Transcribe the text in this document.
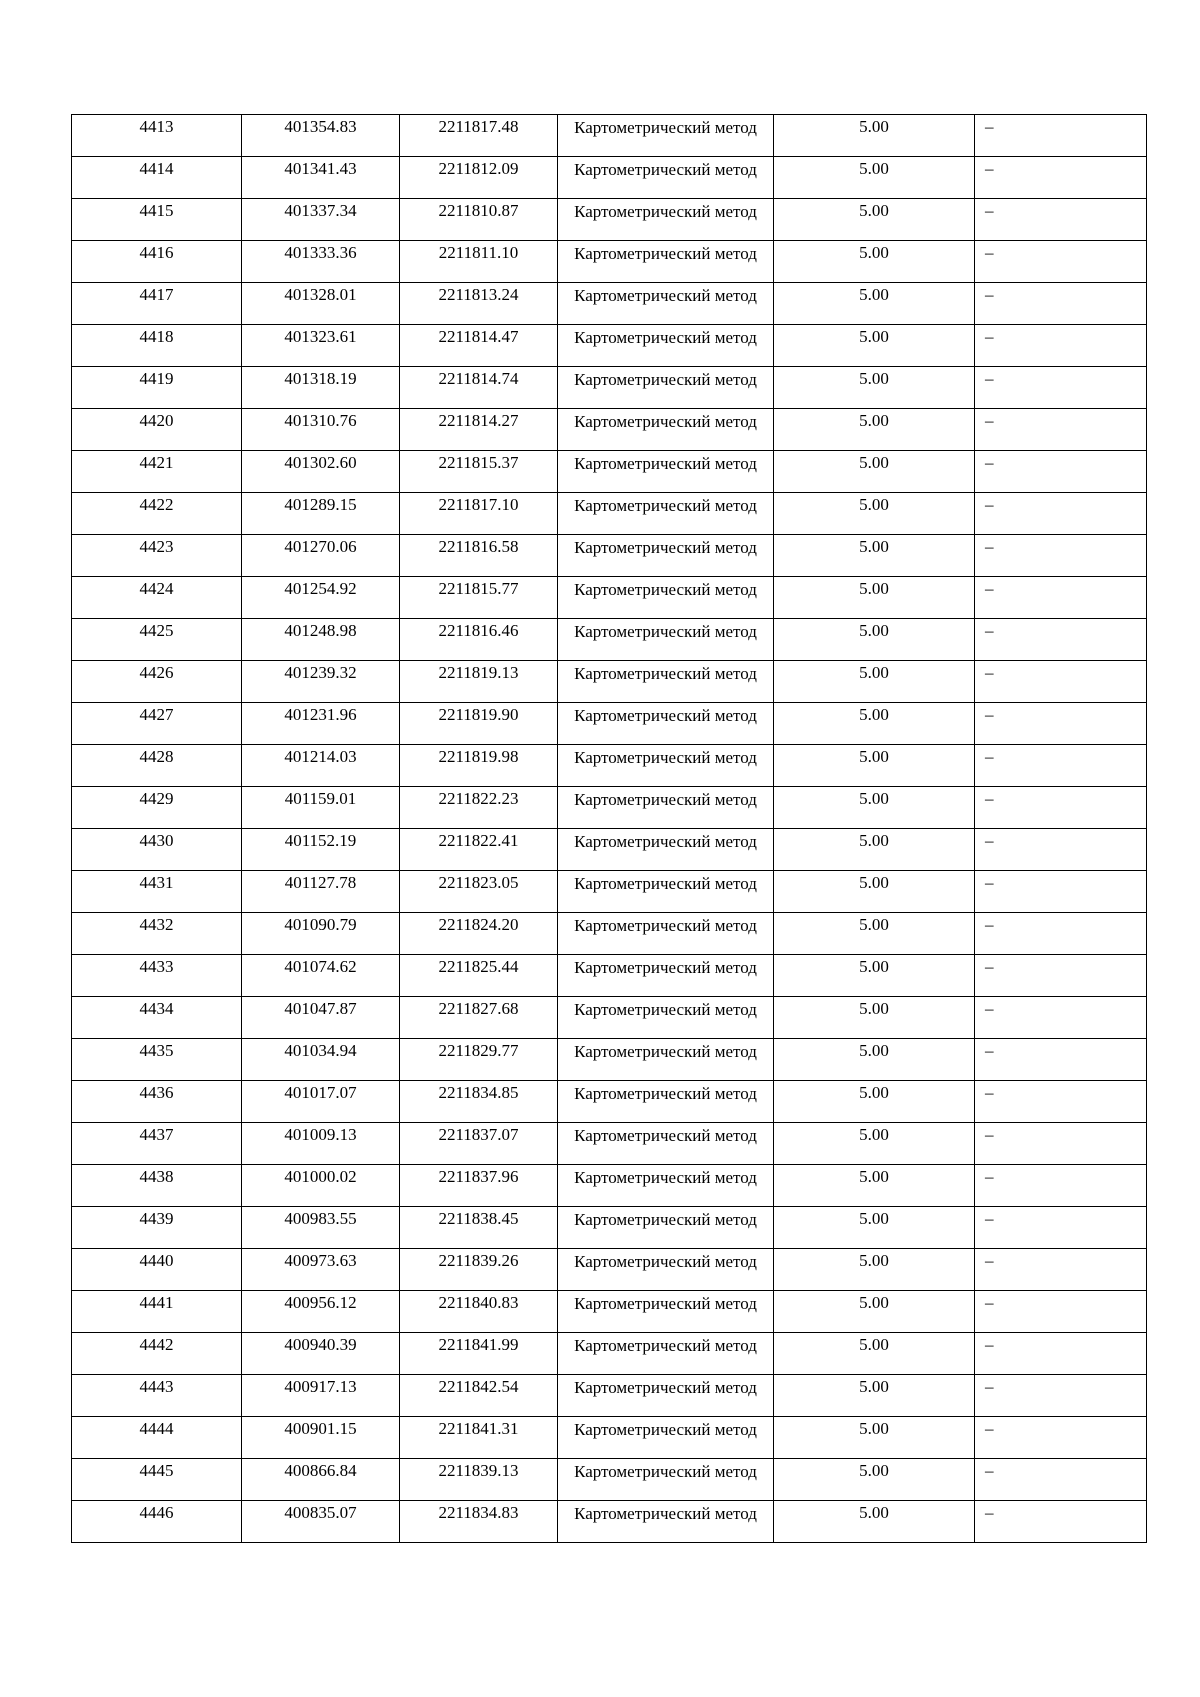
4413	401354.83	2211817.48	Картометрический метод	5.00	–

4414	401341.43	2211812.09	Картометрический метод	5.00	–

4415	401337.34	2211810.87	Картометрический метод	5.00	–

4416	401333.36	2211811.10	Картометрический метод	5.00	–

4417	401328.01	2211813.24	Картометрический метод	5.00	–

4418	401323.61	2211814.47	Картометрический метод	5.00	–

4419	401318.19	2211814.74	Картометрический метод	5.00	–

4420	401310.76	2211814.27	Картометрический метод	5.00	–

4421	401302.60	2211815.37	Картометрический метод	5.00	–

4422	401289.15	2211817.10	Картометрический метод	5.00	–

4423	401270.06	2211816.58	Картометрический метод	5.00	–

4424	401254.92	2211815.77	Картометрический метод	5.00	–

4425	401248.98	2211816.46	Картометрический метод	5.00	–

4426	401239.32	2211819.13	Картометрический метод	5.00	–

4427	401231.96	2211819.90	Картометрический метод	5.00	–

4428	401214.03	2211819.98	Картометрический метод	5.00	–

4429	401159.01	2211822.23	Картометрический метод	5.00	–

4430	401152.19	2211822.41	Картометрический метод	5.00	–

4431	401127.78	2211823.05	Картометрический метод	5.00	–

4432	401090.79	2211824.20	Картометрический метод	5.00	–

4433	401074.62	2211825.44	Картометрический метод	5.00	–

4434	401047.87	2211827.68	Картометрический метод	5.00	–

4435	401034.94	2211829.77	Картометрический метод	5.00	–

4436	401017.07	2211834.85	Картометрический метод	5.00	–

4437	401009.13	2211837.07	Картометрический метод	5.00	–

4438	401000.02	2211837.96	Картометрический метод	5.00	–

4439	400983.55	2211838.45	Картометрический метод	5.00	–

4440	400973.63	2211839.26	Картометрический метод	5.00	–

4441	400956.12	2211840.83	Картометрический метод	5.00	–

4442	400940.39	2211841.99	Картометрический метод	5.00	–

4443	400917.13	2211842.54	Картометрический метод	5.00	–

4444	400901.15	2211841.31	Картометрический метод	5.00	–

4445	400866.84	2211839.13	Картометрический метод	5.00	–

4446	400835.07	2211834.83	Картометрический метод	5.00	–
